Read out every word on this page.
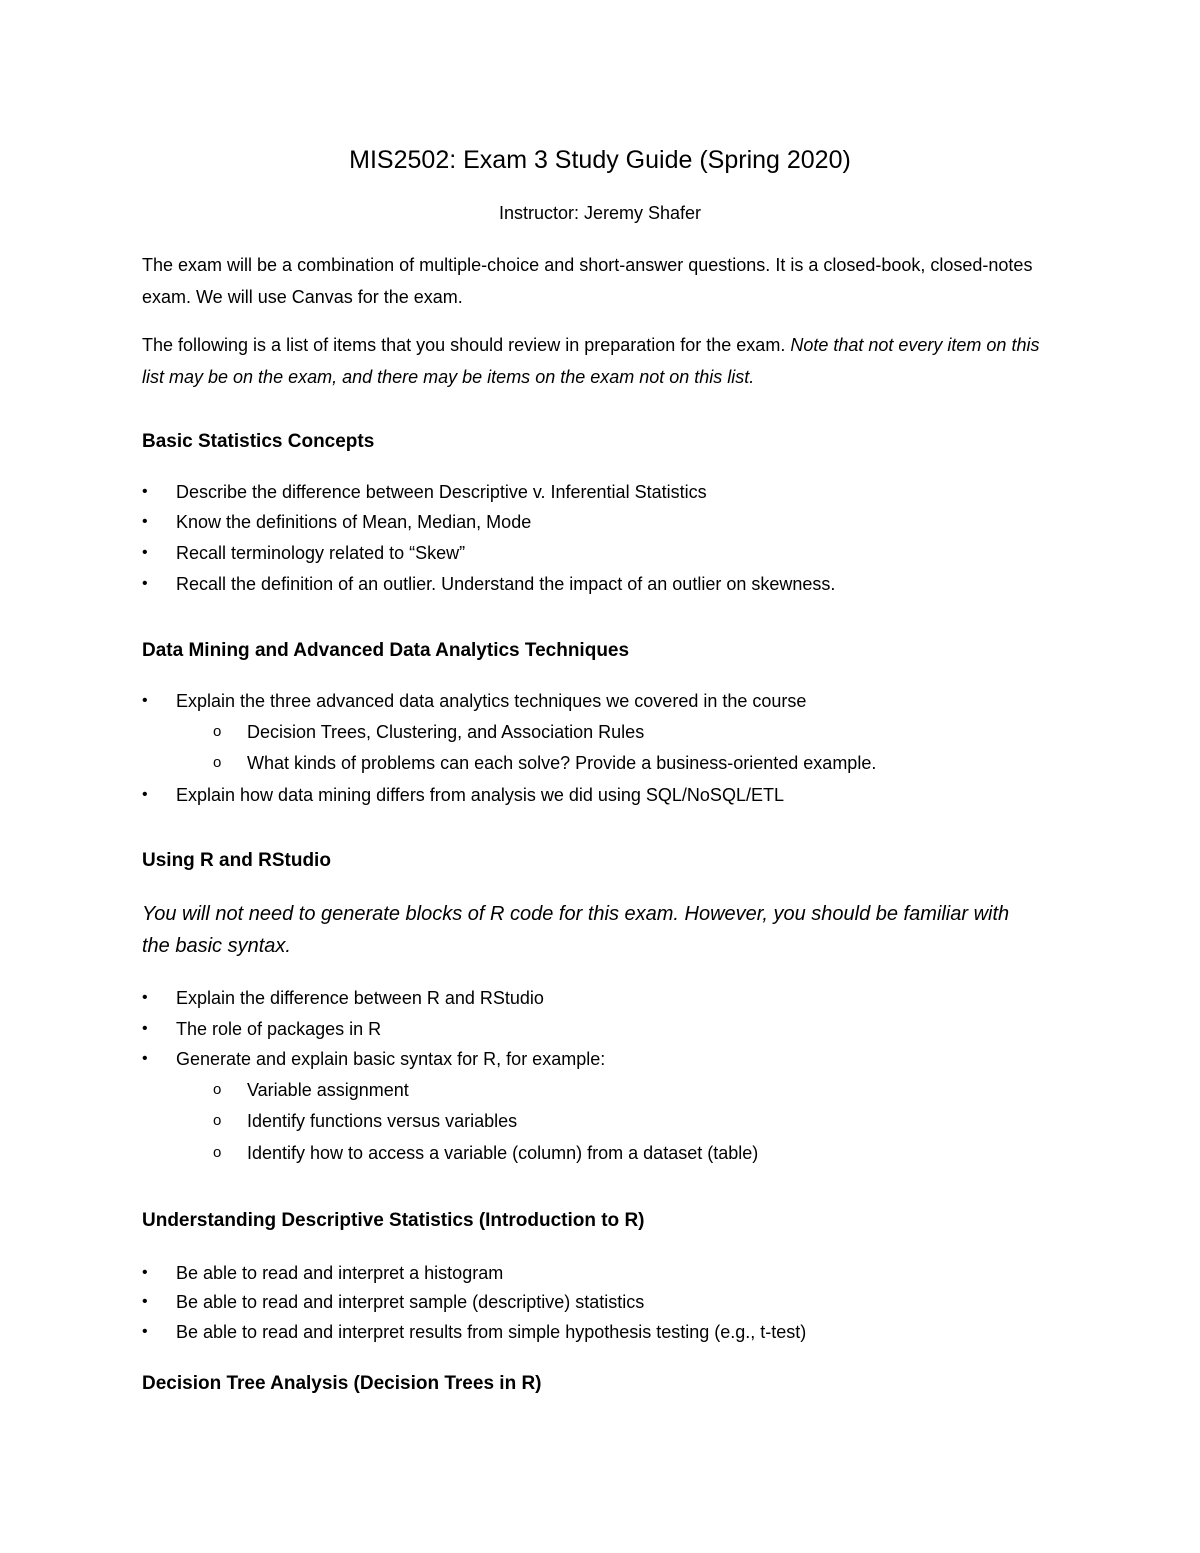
MIS2502: Exam 3 Study Guide (Spring 2020)

Instructor: Jeremy Shafer

The exam will be a combination of multiple-choice and short-answer questions. It is a closed-book, closed-notes exam. We will use Canvas for the exam.

The following is a list of items that you should review in preparation for the exam. Note that not every item on this list may be on the exam, and there may be items on the exam not on this list.

Basic Statistics Concepts
• Describe the difference between Descriptive v. Inferential Statistics
• Know the definitions of Mean, Median, Mode
• Recall terminology related to “Skew”
• Recall the definition of an outlier. Understand the impact of an outlier on skewness.
Data Mining and Advanced Data Analytics Techniques
• Explain the three advanced data analytics techniques we covered in the course
o Decision Trees, Clustering, and Association Rules
o What kinds of problems can each solve? Provide a business-oriented example.
• Explain how data mining differs from analysis we did using SQL/NoSQL/ETL
Using R and RStudio

You will not need to generate blocks of R code for this exam. However, you should be familiar with the basic syntax.

• Explain the difference between R and RStudio
• The role of packages in R
• Generate and explain basic syntax for R, for example:
o Variable assignment
o Identify functions versus variables
o Identify how to access a variable (column) from a dataset (table)
Understanding Descriptive Statistics (Introduction to R)
• Be able to read and interpret a histogram
• Be able to read and interpret sample (descriptive) statistics
• Be able to read and interpret results from simple hypothesis testing (e.g., t-test)
Decision Tree Analysis (Decision Trees in R)
